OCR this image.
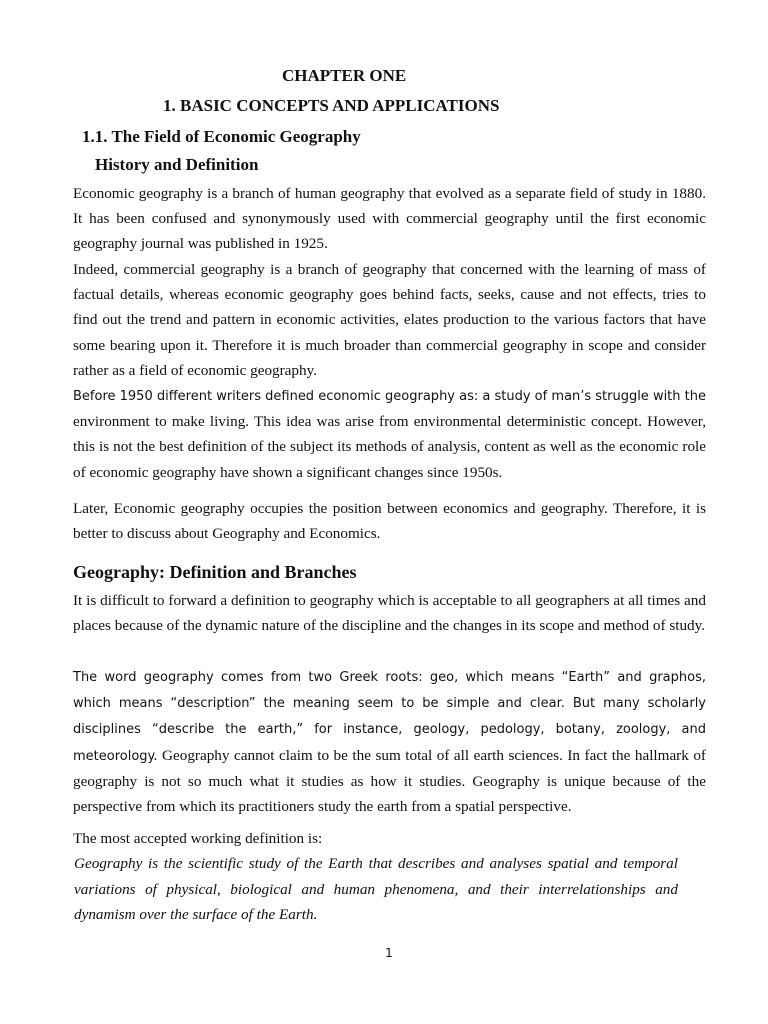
CHAPTER ONE
1. BASIC CONCEPTS AND APPLICATIONS
1.1. The Field of Economic Geography
History and Definition

Economic geography is a branch of human geography that evolved as a separate field of study in 1880. It has been confused and synonymously used with commercial geography until the first economic geography journal was published in 1925.

Indeed, commercial geography is a branch of geography that concerned with the learning of mass of factual details, whereas economic geography goes behind facts, seeks, cause and not effects, tries to find out the trend and pattern in economic activities, elates production to the various factors that have some bearing upon it. Therefore it is much broader than commercial geography in scope and consider rather as a field of economic geography.

Before 1950 different writers defined economic geography as: a study of man’s struggle with the environment to make living. This idea was arise from environmental deterministic concept. However, this is not the best definition of the subject its methods of analysis, content as well as the economic role of economic geography have shown a significant changes since 1950s.

Later, Economic geography occupies the position between economics and geography. Therefore, it is better to discuss about Geography and Economics.

Geography: Definition and Branches

It is difficult to forward a definition to geography which is acceptable to all geographers at all times and places because of the dynamic nature of the discipline and the changes in its scope and method of study.

The word geography comes from two Greek roots: geo, which means “Earth” and graphos, which means “description” the meaning seem to be simple and clear. But many scholarly disciplines “describe the earth,” for instance, geology, pedology, botany, zoology, and meteorology. Geography cannot claim to be the sum total of all earth sciences. In fact the hallmark of geography is not so much what it studies as how it studies. Geography is unique because of the perspective from which its practitioners study the earth from a spatial perspective.

The most accepted working definition is:

Geography is the scientific study of the Earth that describes and analyses spatial and temporal variations of physical, biological and human phenomena, and their interrelationships and dynamism over the surface of the Earth.

1
